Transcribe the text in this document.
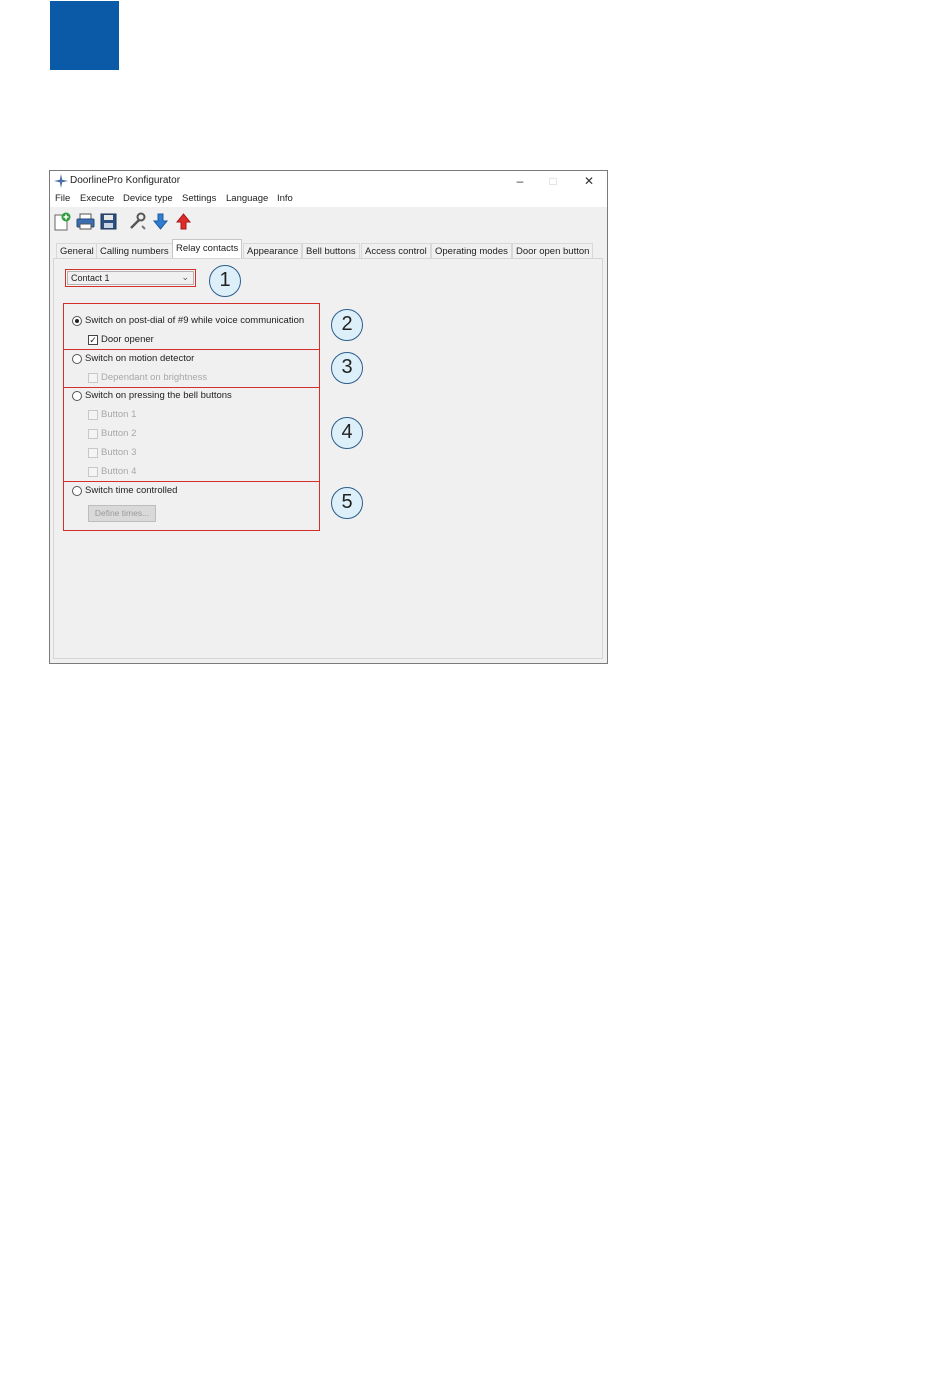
DoorlinePro Konfigurator	–	□	✕
File Execute Device type Settings Language Info
General Calling numbers Relay contacts Appearance Bell buttons Access control Operating modes Door open button
Contact 1	⌄
Switch on post-dial of #9 while voice communication
✓ Door opener
Switch on motion detector
Dependant on brightness
Switch on pressing the bell buttons
Button 1
Button 2
Button 3
Button 4
Switch time controlled
Define times...
1
2
3
4
5
